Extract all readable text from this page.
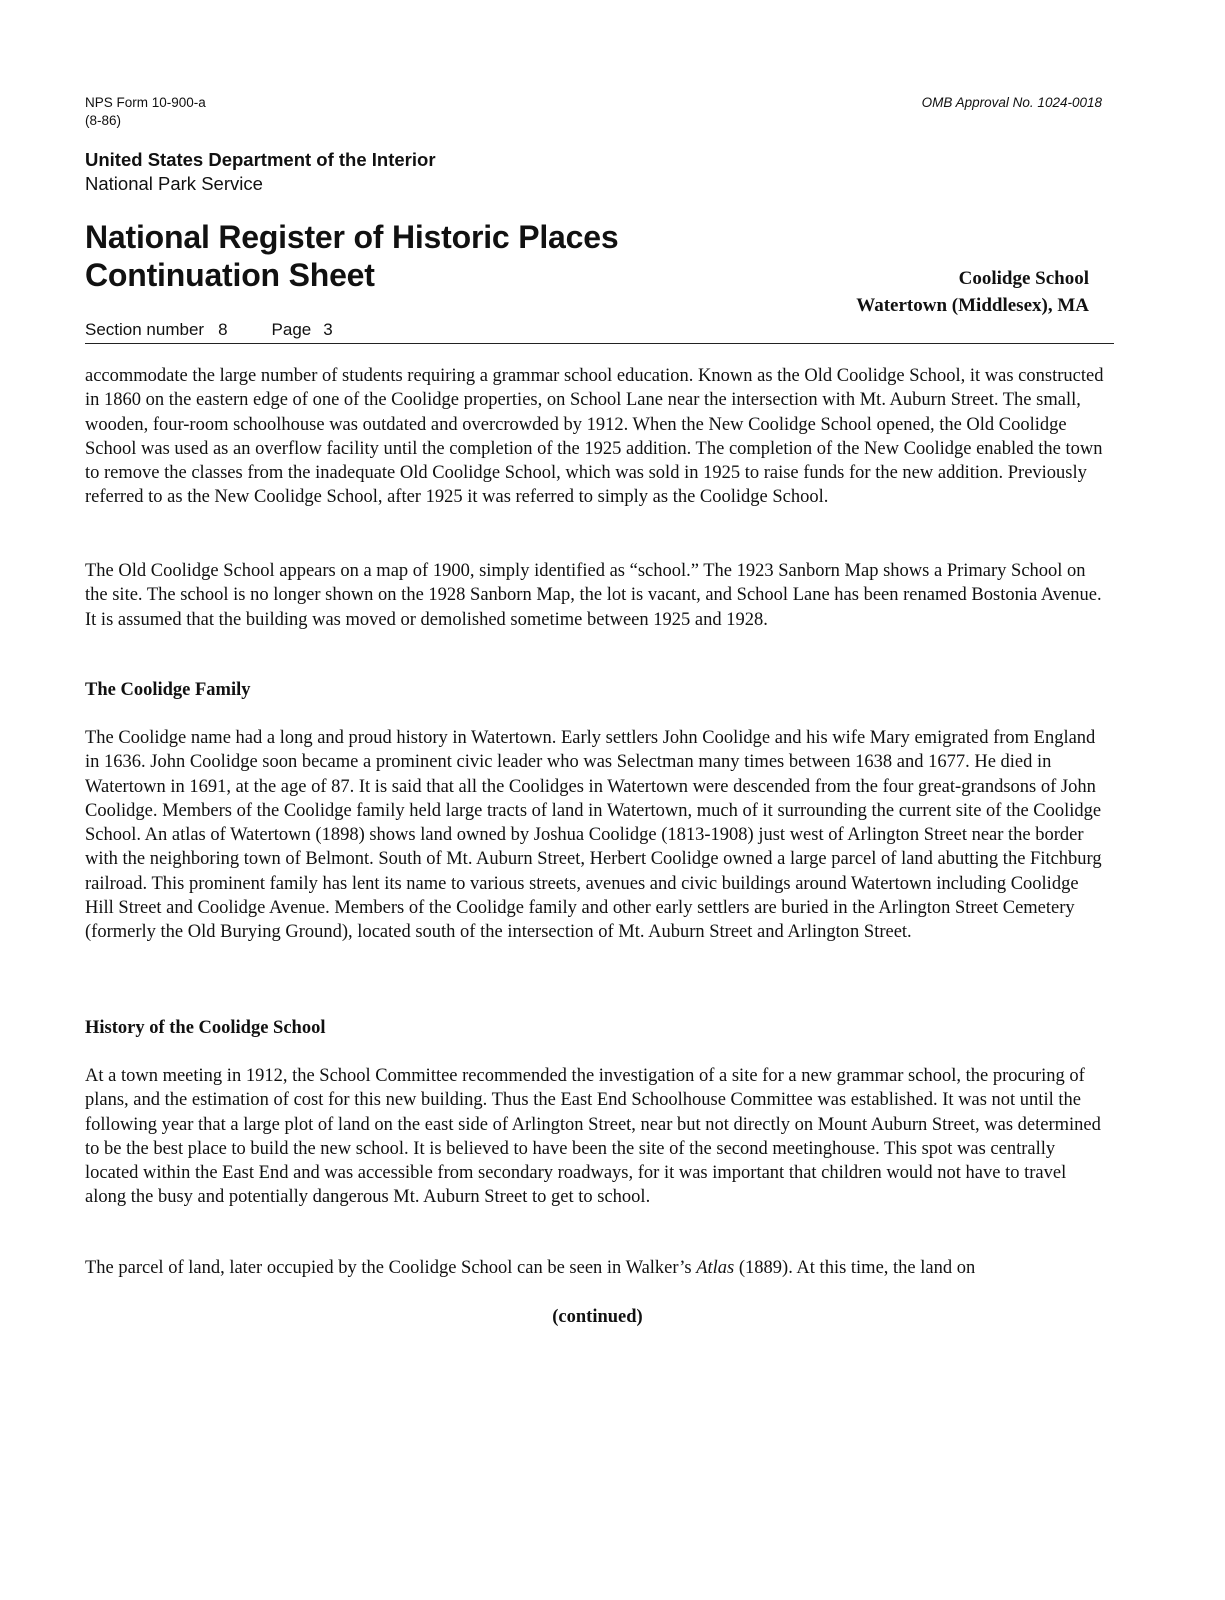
NPS Form 10-900-a
(8-86)
OMB Approval No. 1024-0018
United States Department of the Interior
National Park Service
National Register of Historic Places
Continuation Sheet	Coolidge School
Watertown (Middlesex), MA
Section number 8	Page 3

accommodate the large number of students requiring a grammar school education. Known as the Old Coolidge School, it was constructed in 1860 on the eastern edge of one of the Coolidge properties, on School Lane near the intersection with Mt. Auburn Street. The small, wooden, four-room schoolhouse was outdated and overcrowded by 1912. When the New Coolidge School opened, the Old Coolidge School was used as an overflow facility until the completion of the 1925 addition. The completion of the New Coolidge enabled the town to remove the classes from the inadequate Old Coolidge School, which was sold in 1925 to raise funds for the new addition. Previously referred to as the New Coolidge School, after 1925 it was referred to simply as the Coolidge School.

The Old Coolidge School appears on a map of 1900, simply identified as “school.” The 1923 Sanborn Map shows a Primary School on the site. The school is no longer shown on the 1928 Sanborn Map, the lot is vacant, and School Lane has been renamed Bostonia Avenue. It is assumed that the building was moved or demolished sometime between 1925 and 1928.

The Coolidge Family

The Coolidge name had a long and proud history in Watertown. Early settlers John Coolidge and his wife Mary emigrated from England in 1636. John Coolidge soon became a prominent civic leader who was Selectman many times between 1638 and 1677. He died in Watertown in 1691, at the age of 87. It is said that all the Coolidges in Watertown were descended from the four great-grandsons of John Coolidge. Members of the Coolidge family held large tracts of land in Watertown, much of it surrounding the current site of the Coolidge School. An atlas of Watertown (1898) shows land owned by Joshua Coolidge (1813-1908) just west of Arlington Street near the border with the neighboring town of Belmont. South of Mt. Auburn Street, Herbert Coolidge owned a large parcel of land abutting the Fitchburg railroad. This prominent family has lent its name to various streets, avenues and civic buildings around Watertown including Coolidge Hill Street and Coolidge Avenue. Members of the Coolidge family and other early settlers are buried in the Arlington Street Cemetery (formerly the Old Burying Ground), located south of the intersection of Mt. Auburn Street and Arlington Street.

History of the Coolidge School

At a town meeting in 1912, the School Committee recommended the investigation of a site for a new grammar school, the procuring of plans, and the estimation of cost for this new building. Thus the East End Schoolhouse Committee was established. It was not until the following year that a large plot of land on the east side of Arlington Street, near but not directly on Mount Auburn Street, was determined to be the best place to build the new school. It is believed to have been the site of the second meetinghouse. This spot was centrally located within the East End and was accessible from secondary roadways, for it was important that children would not have to travel along the busy and potentially dangerous Mt. Auburn Street to get to school.

The parcel of land, later occupied by the Coolidge School can be seen in Walker’s Atlas (1889). At this time, the land on

(continued)
